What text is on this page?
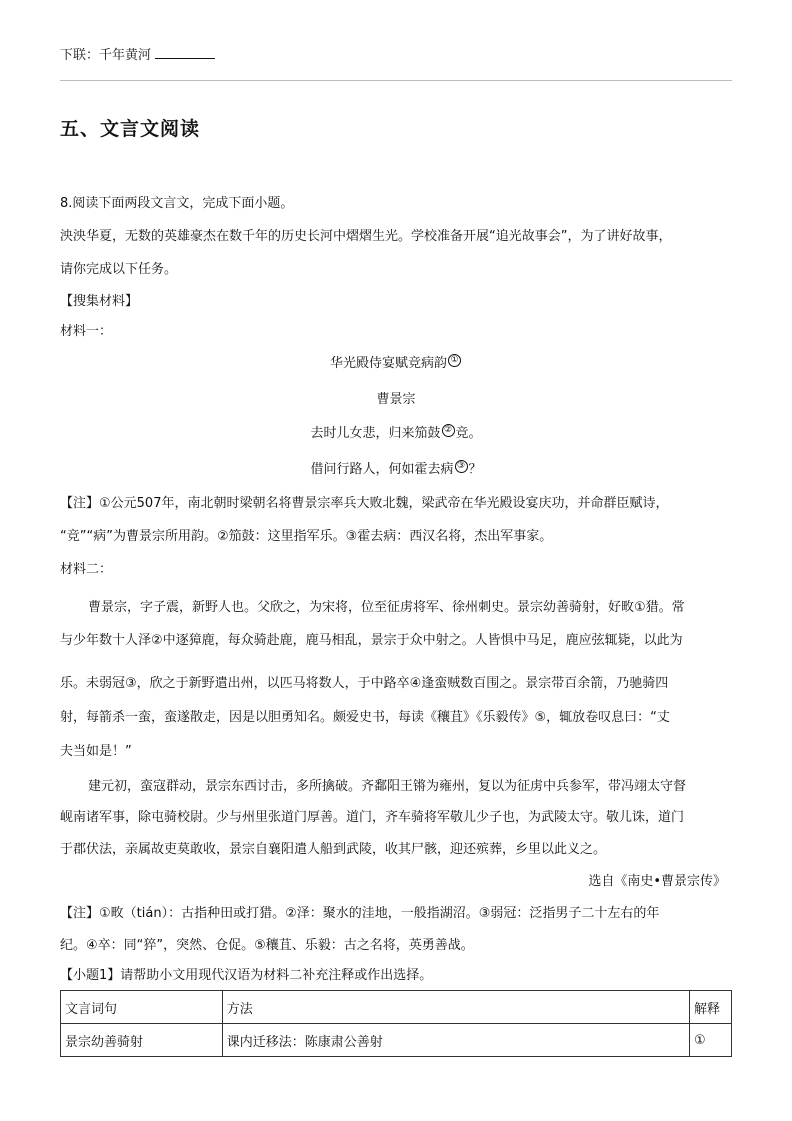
下联：千年黄河
五、文言文阅读
8.阅读下面两段文言文，完成下面小题。
泱泱华夏，无数的英雄豪杰在数千年的历史长河中熠熠生光。学校准备开展“追光故事会”，为了讲好故事，
请你完成以下任务。
【搜集材料】
材料一：
华光殿侍宴赋竞病韵 ①
曹景宗
去时儿女悲，归来笳鼓 ② 竞。
借问行路人，何如霍去病 ③ ？
【注】①公元507年，南北朝时梁朝名将曹景宗率兵大败北魏，梁武帝在华光殿设宴庆功，并命群臣赋诗，
“竞”“病”为曹景宗所用韵。②笳鼓：这里指军乐。③霍去病：西汉名将，杰出军事家。
材料二：
曹景宗，字子震，新野人也。父欣之，为宋将，位至征虏将军、徐州刺史。景宗幼善骑射，好畋①猎。常
与少年数十人泽②中逐獐鹿，每众骑赴鹿，鹿马相乱，景宗于众中射之。人皆惧中马足，鹿应弦辄毙，以此为
乐。未弱冠③，欣之于新野遣出州，以匹马将数人，于中路卒④逢蛮贼数百围之。景宗带百余箭，乃驰骑四
射，每箭杀一蛮，蛮遂散走，因是以胆勇知名。颇爱史书，每读《穰苴》《乐毅传》⑤，辄放卷叹息曰：“丈
夫当如是！”
建元初，蛮寇群动，景宗东西讨击，多所擒破。齐鄱阳王锵为雍州，复以为征虏中兵参军，带冯翊太守督
岘南诸军事，除屯骑校尉。少与州里张道门厚善。道门，齐车骑将军敬儿少子也，为武陵太守。敬儿诛，道门
于郡伏法，亲属故吏莫敢收，景宗自襄阳遣人船到武陵，收其尸骸，迎还殡葬，乡里以此义之。
选自《南史•曹景宗传》
【注】①畋（tián）：古指种田或打猎。②泽：聚水的洼地，一般指湖沼。③弱冠：泛指男子二十左右的年
纪。④卒：同“猝”，突然、仓促。⑤穰苴、乐毅：古之名将，英勇善战。
【小题1】请帮助小文用现代汉语为材料二补充注释或作出选择。
文言词句	方法	解释
景宗幼善骑射	课内迁移法：陈康肃公善射	①
